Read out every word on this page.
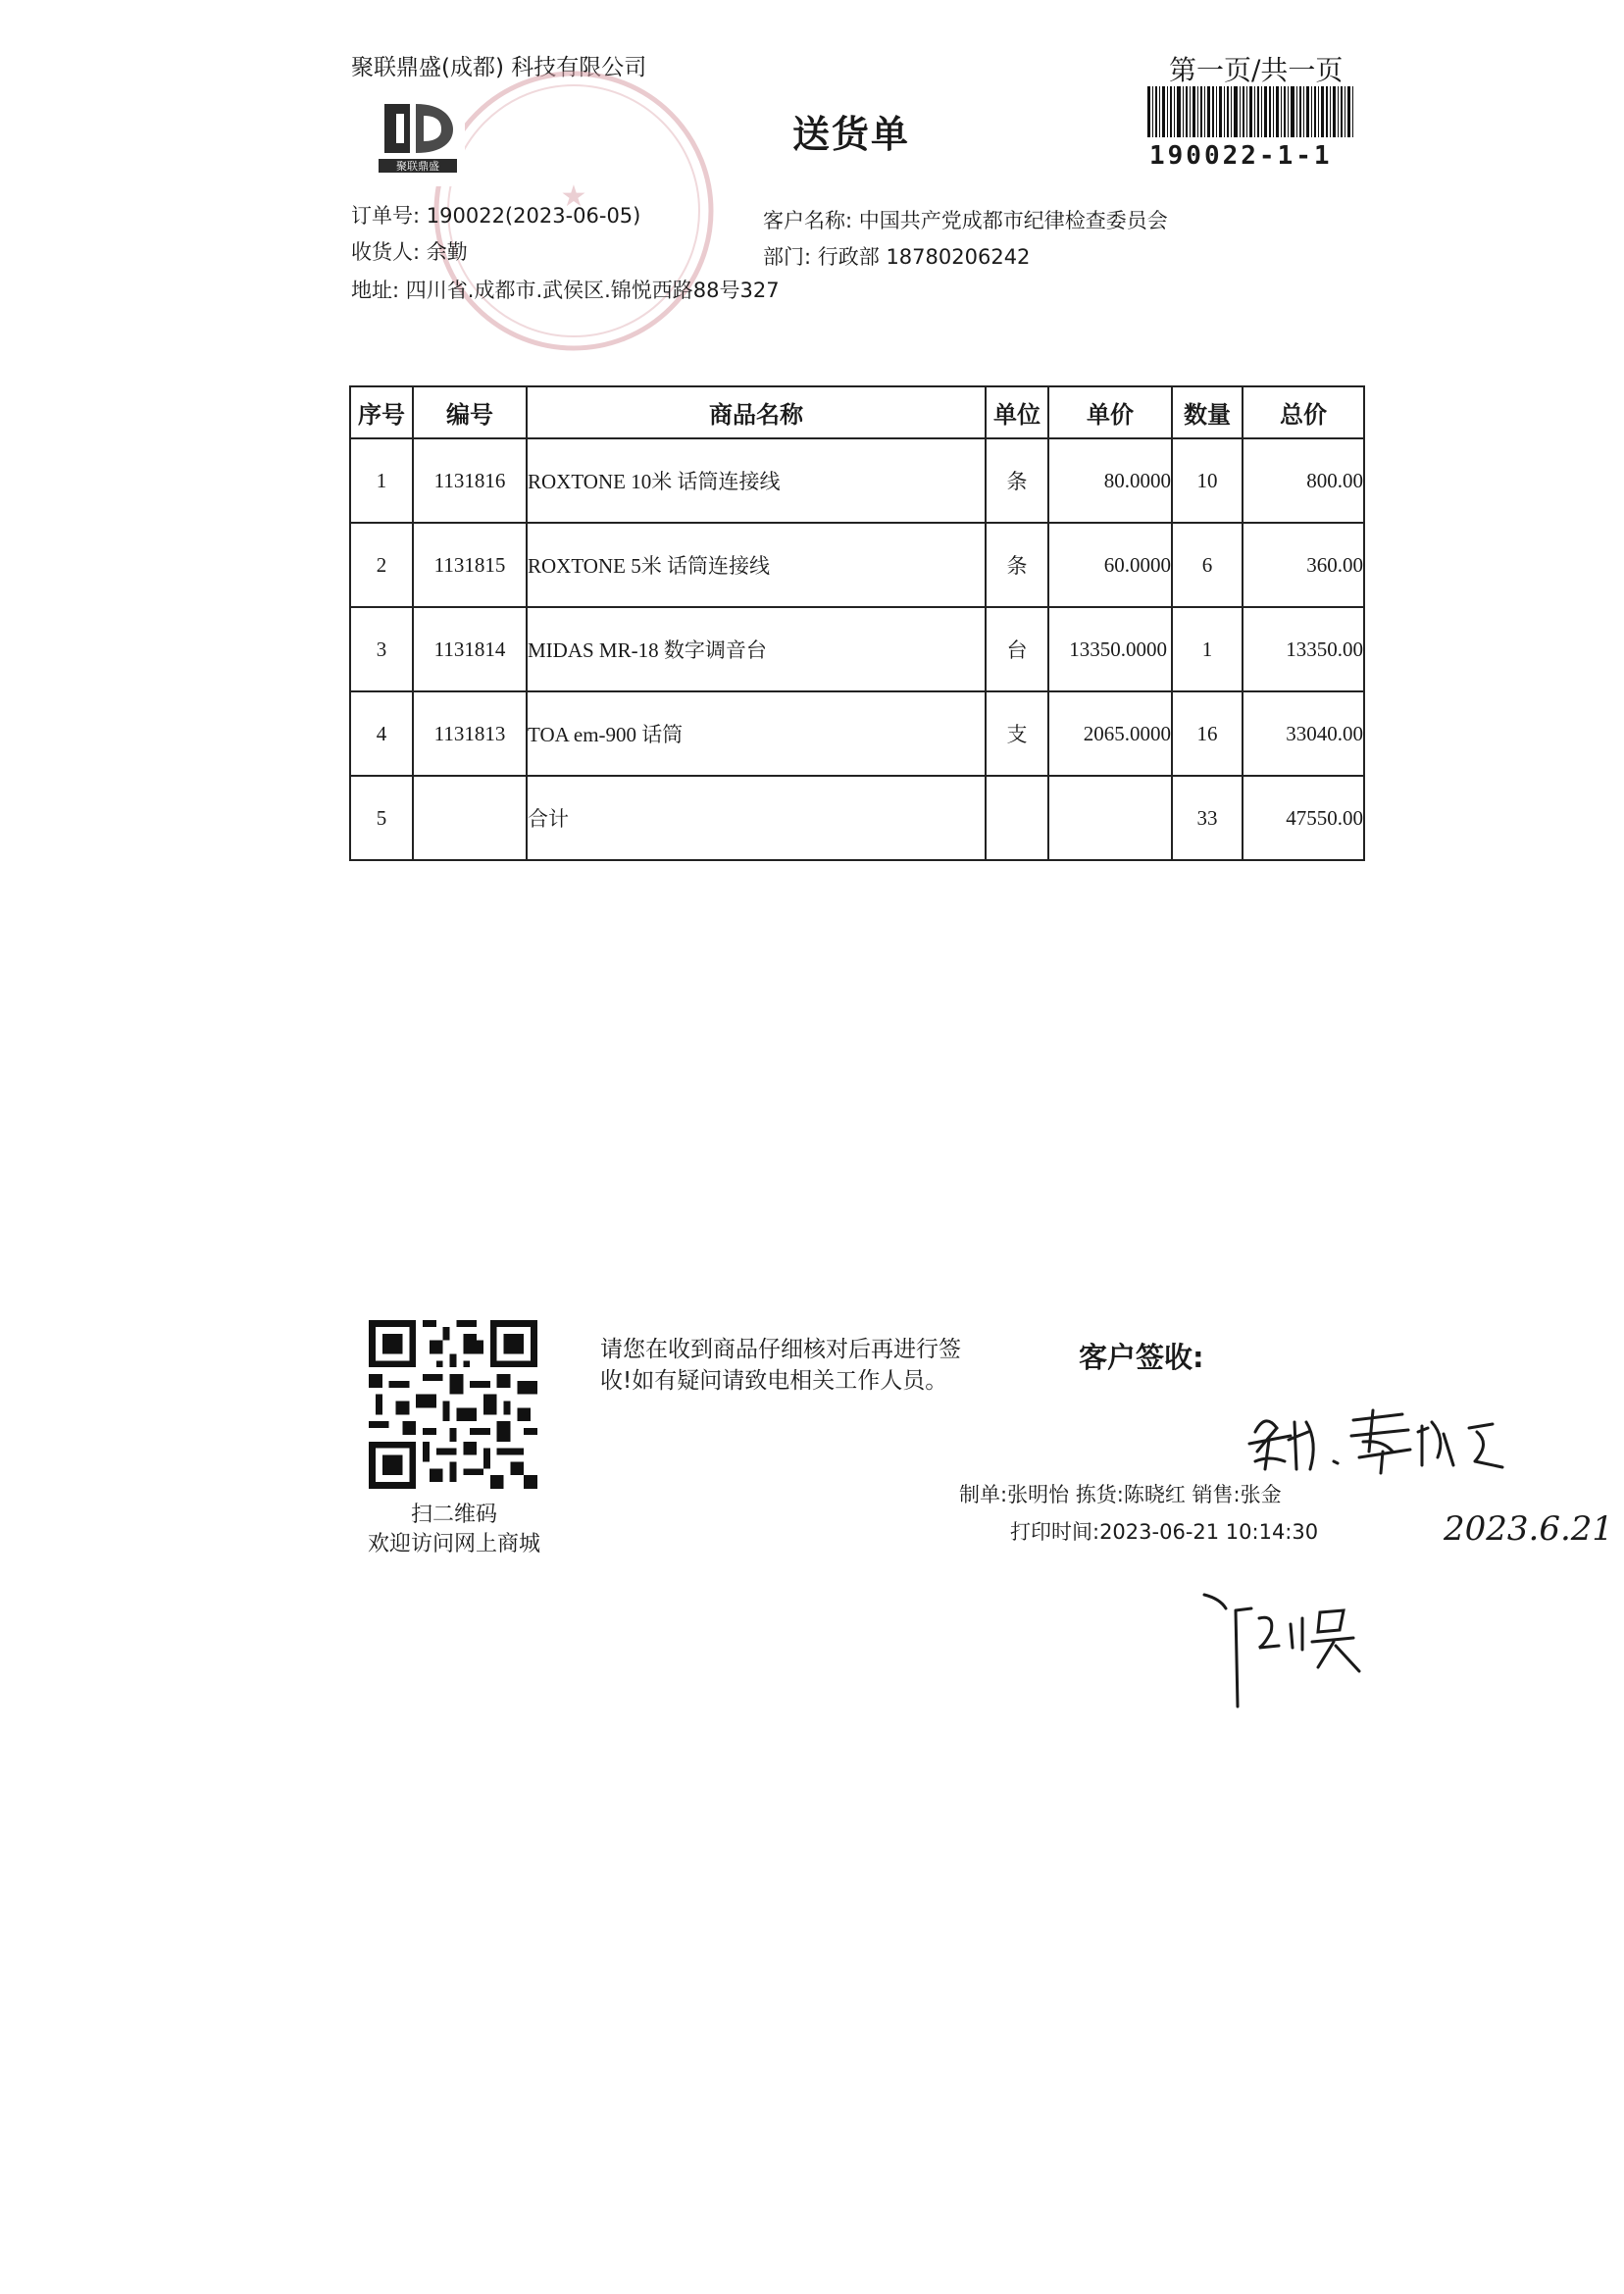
聚联鼎盛(成都) 科技有限公司	第一页/共一页
送货单
★
聚联鼎盛	190022-1-1
订单号: 190022(2023-06-05)
收货人: 余勤
地址: 四川省.成都市.武侯区.锦悦西路88号327
客户名称: 中国共产党成都市纪律检查委员会
部门: 行政部 18780206242
序号	编号	商品名称	单位	单价	数量	总价
1	1131816	ROXTONE 10米 话筒连接线	条	80.0000	10	800.00
2	1131815	ROXTONE 5米 话筒连接线	条	60.0000	6	360.00
3	1131814	MIDAS MR-18 数字调音台	台	13350.0000	1	13350.00
4	1131813	TOA em-900 话筒	支	2065.0000	16	33040.00
5		合计			33	47550.00
扫二维码
欢迎访问网上商城
请您在收到商品仔细核对后再进行签
收!如有疑问请致电相关工作人员。
客户签收:
2023.6.21
制单:张明怡 拣货:陈晓红 销售:张金
打印时间:2023-06-21 10:14:30
